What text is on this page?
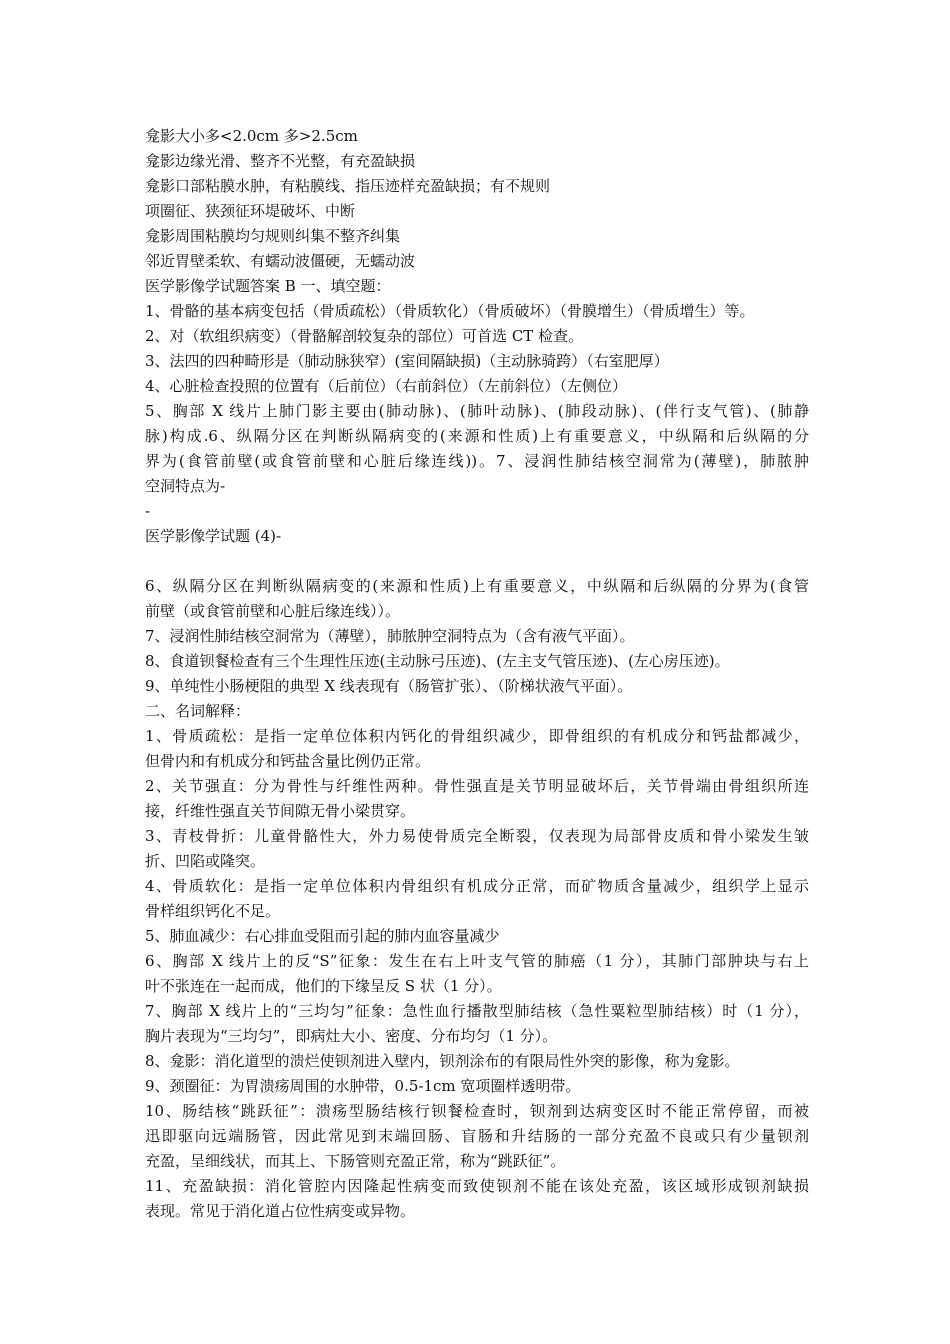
龛影大小多<2.0cm 多>2.5cm
龛影边缘光滑、整齐不光整，有充盈缺损
龛影口部粘膜水肿，有粘膜线、指压迹样充盈缺损；有不规则
项圈征、狭颈征环堤破坏、中断
龛影周围粘膜均匀规则纠集不整齐纠集
邻近胃壁柔软、有蠕动波僵硬，无蠕动波
医学影像学试题答案 B 一、填空题：
1、骨骼的基本病变包括（骨质疏松）（骨质软化）（骨质破坏）（骨膜增生）（骨质增生）等。
2、对（软组织病变）（骨骼解剖较复杂的部位）可首选 CT 检查。
3、法四的四种畸形是（肺动脉狭窄）(室间隔缺损)（主动脉骑跨）（右室肥厚）
4、心脏检查投照的位置有（后前位）（右前斜位）（左前斜位）（左侧位）
5、胸部 X 线片上肺门影主要由(肺动脉)、(肺叶动脉)、(肺段动脉)、(伴行支气管)、(肺静
脉)构成.6、纵隔分区在判断纵隔病变的(来源和性质)上有重要意义，中纵隔和后纵隔的分
界为(食管前壁(或食管前壁和心脏后缘连线))。7、浸润性肺结核空洞常为(薄壁)，肺脓肿
空洞特点为-
-
医学影像学试题 (4)-
6、纵隔分区在判断纵隔病变的(来源和性质)上有重要意义，中纵隔和后纵隔的分界为(食管
前壁（或食管前壁和心脏后缘连线））。
7、浸润性肺结核空洞常为（薄壁），肺脓肿空洞特点为（含有液气平面）。
8、食道钡餐检查有三个生理性压迹(主动脉弓压迹)、(左主支气管压迹)、(左心房压迹)。
9、单纯性小肠梗阻的典型 X 线表现有（肠管扩张）、（阶梯状液气平面）。
二、名词解释：
1、骨质疏松：是指一定单位体积内钙化的骨组织减少，即骨组织的有机成分和钙盐都减少，
但骨内和有机成分和钙盐含量比例仍正常。
2、关节强直：分为骨性与纤维性两种。骨性强直是关节明显破坏后，关节骨端由骨组织所连
接，纤维性强直关节间隙无骨小梁贯穿。
3、青枝骨折：儿童骨骼性大，外力易使骨质完全断裂，仅表现为局部骨皮质和骨小梁发生皱
折、凹陷或隆突。
4、骨质软化：是指一定单位体积内骨组织有机成分正常，而矿物质含量减少，组织学上显示
骨样组织钙化不足。
5、肺血减少：右心排血受阻而引起的肺内血容量减少
6、胸部 X 线片上的反“S”征象：发生在右上叶支气管的肺癌（1 分），其肺门部肿块与右上
叶不张连在一起而成，他们的下缘呈反 S 状（1 分）。
7、胸部 X 线片上的“三均匀”征象：急性血行播散型肺结核（急性粟粒型肺结核）时（1 分），
胸片表现为“三均匀”，即病灶大小、密度、分布均匀（1 分）。
8、龛影：消化道型的溃烂使钡剂进入壁内，钡剂涂布的有限局性外突的影像，称为龛影。
9、颈圈征：为胃溃疡周围的水肿带，0.5-1cm 宽项圈样透明带。
10、肠结核“跳跃征”：溃疡型肠结核行钡餐检查时，钡剂到达病变区时不能正常停留，而被
迅即驱向远端肠管，因此常见到末端回肠、盲肠和升结肠的一部分充盈不良或只有少量钡剂
充盈，呈细线状，而其上、下肠管则充盈正常，称为“跳跃征”。
11、充盈缺损：消化管腔内因隆起性病变而致使钡剂不能在该处充盈，该区域形成钡剂缺损
表现。常见于消化道占位性病变或异物。
